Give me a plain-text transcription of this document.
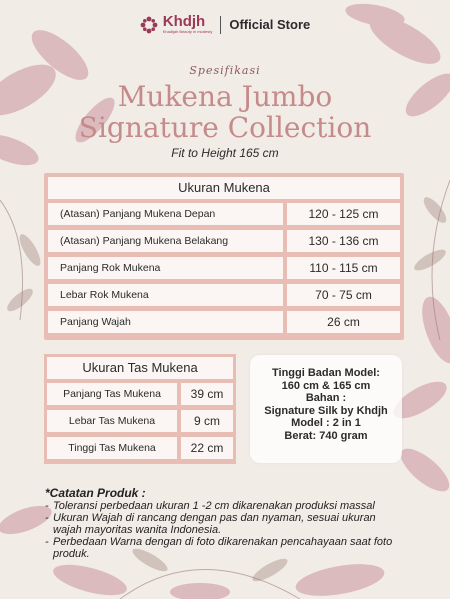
Khdjh
Khadijah Beauty in modesty Official Store
Spesifikasi
Mukena Jumbo
Signature Collection
Fit to Height 165 cm
Ukuran Mukena
(Atasan) Panjang Mukena Depan	120 - 125 cm
(Atasan) Panjang Mukena Belakang	130 - 136 cm
Panjang Rok Mukena	110 - 115 cm
Lebar Rok Mukena	70 - 75 cm
Panjang Wajah	26 cm
Ukuran Tas Mukena
Panjang Tas Mukena	39 cm
Lebar Tas Mukena	9 cm
Tinggi Tas Mukena	22 cm
Tinggi Badan Model:
160 cm & 165 cm
Bahan :
Signature Silk by Khdjh
Model : 2 in 1
Berat: 740 gram
*Catatan Produk :
- Toleransi perbedaan ukuran 1 -2 cm dikarenakan produksi massal
- Ukuran Wajah di rancang dengan pas dan nyaman, sesuai ukuran wajah mayoritas wanita Indonesia.
- Perbedaan Warna dengan di foto dikarenakan pencahayaan saat foto produk.
